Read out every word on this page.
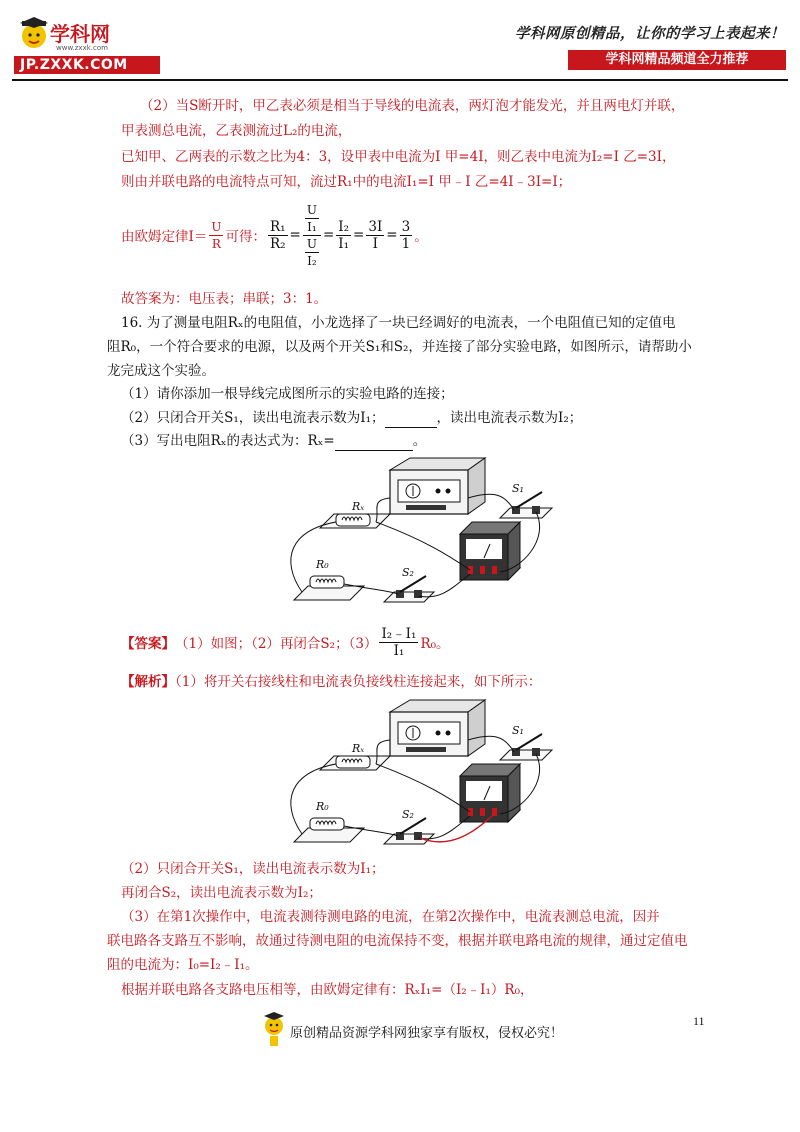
学科网
www.zxxk.com
JP.ZXXK.COM
学科网原创精品，让你的学习上表起来！
学科网精品频道全力推荐
（2）当S断开时，甲乙表必须是相当于导线的电流表，两灯泡才能发光，并且两电灯并联，
甲表测总电流，乙表测流过L₂的电流，
已知甲、乙两表的示数之比为4：3，设甲表中电流为I 甲=4I，则乙表中电流为I₂=I 乙=3I，
则由并联电路的电流特点可知，流过R₁中的电流I₁=I 甲﹣I 乙=4I﹣3I=I；
由欧姆定律$I= \frac{U}{R}$ 可得： $\frac{\text{R₁}}{\text{R₂}} = \frac{\frac{U}{\text{I₁}}}{\frac{U}{\text{I₂}}} = \frac{\text{I₂}}{\text{I₁}} = \frac{3I}{I} = \frac{3}{1}$ 。
故答案为：电压表；串联；3：1。
16. 为了测量电阻Rₓ的电阻值，小龙选择了一块已经调好的电流表，一个电阻值已知的定值电
阻R₀，一个符合要求的电源，以及两个开关S₁和S₂，并连接了部分实验电路，如图所示，请帮助小
龙完成这个实验。
（1）请你添加一根导线完成图所示的实验电路的连接；
（2）只闭合开关S₁，读出电流表示数为I₁；	，读出电流表示数为I₂；
（3）写出电阻Rₓ的表达式为：Rₓ=	。
S₁
Rₓ
R₀
S₂
【答案】 （1）如图；（2）再闭合S₂；$(3) \frac{\text{I₂﹣I₁}}{\text{I₁}} R_0$。
【解析】（1）将开关右接线柱和电流表负接线柱连接起来，如下所示：
S₁
Rₓ
R₀
S₂
（2）只闭合开关S₁，读出电流表示数为I₁；
再闭合S₂，读出电流表示数为I₂；
（3）在第1次操作中，电流表测待测电路的电流，在第2次操作中，电流表测总电流，因并
联电路各支路互不影响，故通过待测电阻的电流保持不变，根据并联电路电流的规律，通过定值电
阻的电流为：I₀=I₂﹣I₁。
根据并联电路各支路电压相等，由欧姆定律有：RₓI₁=（I₂﹣I₁）R₀，
11
原创精品资源学科网独家享有版权，侵权必究！
